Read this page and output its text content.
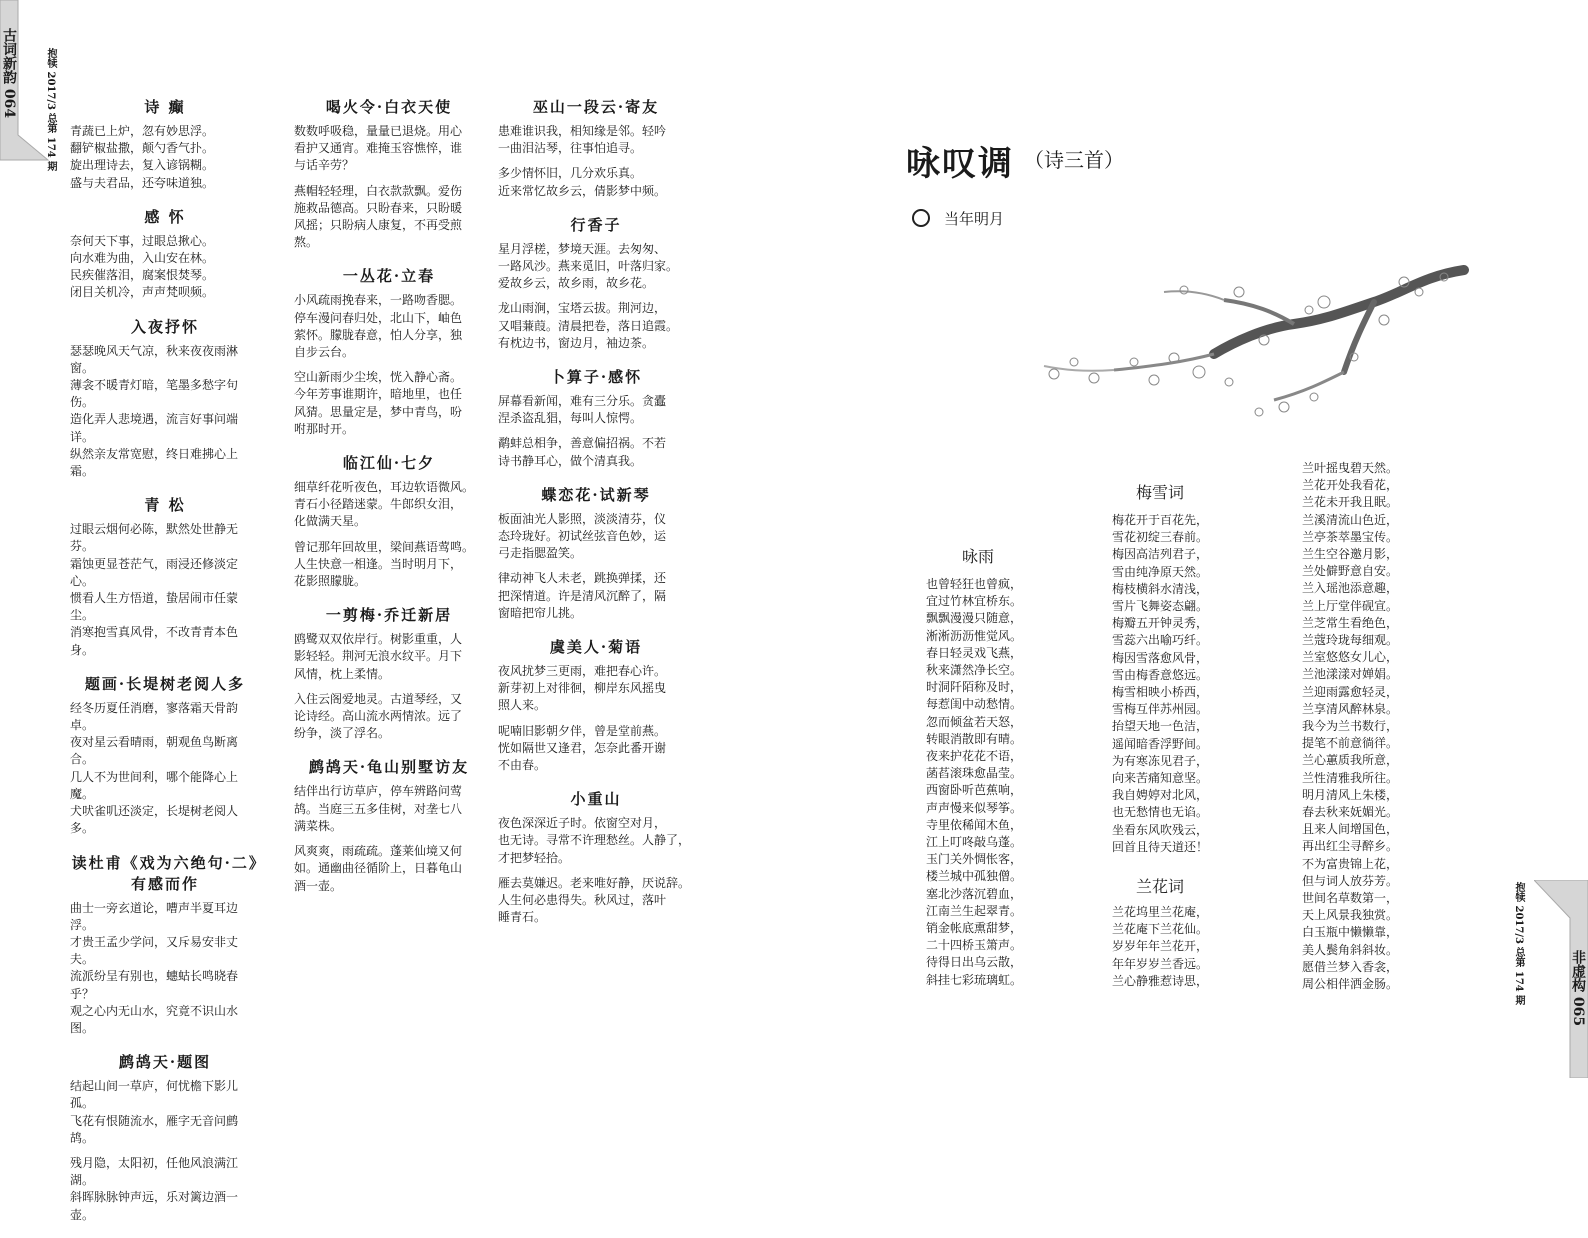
古词新韵 064	抱犊 2017/3 总第 174 期	诗 癫

青蔬已上炉，忽有妙思浮。

翻铲椒盐撒，颠勺香气扑。

旋出理诗去，复入谚锅糊。

盛与夫君品，还夸味道独。

感 怀

奈何天下事，过眼总揪心。

向水难为曲，入山安在林。

民疾催落泪，腐案恨焚琴。

闭目关机冷，声声梵呗频。

入夜抒怀

瑟瑟晚风天气凉，秋来夜夜雨淋窗。

薄衾不暖青灯暗，笔墨多愁字句伤。

造化弄人悲境遇，流言好事问端详。

纵然亲友常宽慰，终日难拂心上霜。

青 松

过眼云烟何必陈，默然处世静无芬。

霜蚀更显苍茫气，雨浸还修淡定心。

惯看人生方悟道，蛰居闹市任蒙尘。

消寒抱雪真风骨，不改青青本色身。

题画·长堤树老阅人多

经冬历夏任消磨，寥落霜天骨韵卓。

夜对星云看晴雨，朝观鱼鸟断离合。

几人不为世间利，哪个能降心上魔。

犬吠雀叽还淡定，长堤树老阅人多。

读杜甫《戏为六绝句·二》有感而作

曲士一旁玄道论，嘈声半夏耳边浮。

才贵王孟少学问，又斥易安非丈夫。

流派纷呈有别也，蟪蛄长鸣晓春乎？

观之心内无山水，究竟不识山水图。

鹧鸪天·题图

结起山间一草庐，何忧檐下影儿孤。

飞花有恨随流水，雁字无音问鹧鸪。

残月隐，太阳初，任他风浪满江湖。

斜晖脉脉钟声远，乐对篱边酒一壶。

喝火令·白衣天使

数数呼吸稳，量量已退烧。用心

看护又通宵。难掩玉容憔悴，谁

与话辛劳？

燕帽轻轻理，白衣款款飘。爱伤

施救品德高。只盼春来，只盼暖

风摇；只盼病人康复，不再受煎

熬。

一丛花·立春

小风疏雨挽春来，一路吻香腮。

停车漫问春归处，北山下，岫色

萦怀。朦胧春意，怕人分享，独

自步云台。

空山新雨少尘埃，恍入静心斋。

今年芳事谁期许，暗地里，也任

风猜。思量定是，梦中青鸟，吩

咐那时开。

临江仙·七夕

细草纤花听夜色，耳边软语微风。

青石小径踏迷蒙。牛郎织女泪，

化做满天星。

曾记那年回故里，梁间燕语莺鸣。

人生快意一相逢。当时明月下，

花影照朦胧。

一剪梅·乔迁新居

鸥鹭双双依岸行。树影重重，人

影轻轻。荆河无浪水纹平。月下

风情，枕上柔情。

入住云阁爱地灵。古道琴经，又

论诗经。高山流水两情浓。远了

纷争，淡了浮名。

鹧鸪天·龟山别墅访友

结伴出行访草庐，停车辨路问莺

鸪。当庭三五多佳树，对垄七八

满菜株。

风爽爽，雨疏疏。蓬莱仙境又何

如。通幽曲径循阶上，日暮龟山

酒一壶。

巫山一段云·寄友

患难谁识我，相知缘是邻。轻吟

一曲泪沾琴，往事怕追寻。

多少情怀旧，几分欢乐真。

近来常忆故乡云，倩影梦中频。

行香子

星月浮槎，梦境天涯。去匆匆、

一路风沙。燕来觅旧，叶落归家。

爱故乡云，故乡雨，故乡花。

龙山雨涧，宝塔云拔。荆河边，

又唱蒹葭。清晨把卷，落日追霞。

有枕边书，窗边月，袖边茶。

卜算子·感怀

屏幕看新闻，难有三分乐。贪蠹

涅杀盗乱猖，每叫人惊愕。

鹬蚌总相争，善意偏招祸。不若

诗书静耳心，做个清真我。

蝶恋花·试新琴

板面油光人影照，淡淡清芬，仪

态玲珑好。初试丝弦音色妙，运

弓走指腮盈笑。

律动神飞人未老，跳换弹揉，还

把深情道。许是清风沉醉了，隔

窗暗把帘儿挑。

虞美人·菊语

夜风扰梦三更雨，难把春心许。

新芽初上对徘徊，柳岸东风摇曳

照人来。

呢喃旧影朝夕伴，曾是堂前燕。

恍如隔世又逢君，怎奈此番开谢

不由春。

小重山

夜色深深近子时。依窗空对月，

也无诗。寻常不许理愁丝。人静了，

才把梦轻拾。

雁去莫嫌迟。老来唯好静，厌说辞。

人生何必患得失。秋风过，落叶

睡青石。

咏叹调 （诗三首）
当年明月
咏雨

也曾轻狂也曾疯，

宜过竹林宜桥东。

飘飘漫漫只随意，

淅淅沥沥惟觉风。

春日轻灵戏飞燕，

秋来潇然净长空。

时洞阡陌称及时，

每惹闺中动愁情。

忽而倾盆若天怒，

转眼消散即有晴。

夜来护花花不语，

菡萏滚珠愈晶莹。

西窗卧听芭蕉响，

声声慢来似琴筝。

寺里依稀闻木鱼，

江上叮咚敲乌蓬。

玉门关外惆怅客，

楼兰城中孤独僧。

塞北沙落沉碧血，

江南兰生起翠青。

销金帐底熏甜梦，

二十四桥玉箫声。

待得日出乌云散，

斜挂七彩琉璃虹。

梅雪词

梅花开于百花先，

雪花初绽三春前。

梅因高洁列君子，

雪由纯净原天然。

梅枝横斜水清浅，

雪片飞舞姿态翩。

梅瓣五开钟灵秀，

雪蕊六出喻巧纤。

梅因雪落愈风骨，

雪由梅香意悠远。

梅雪相映小桥西，

雪梅互伴苏州园。

抬望天地一色洁，

遥闻暗香浮野间。

为有寒冻见君子，

向来苦痛知意坚。

我自娉婷对北风，

也无愁情也无谄。

坐看东风吹残云，

回首且待天道还！

兰花词

兰花坞里兰花庵，

兰花庵下兰花仙。

岁岁年年兰花开，

年年岁岁兰香远。

兰心静雅惹诗思，

兰叶摇曳碧天然。

兰花开处我看花，

兰花未开我且眠。

兰溪清流山色近，

兰亭茶萃墨宝传。

兰生空谷邀月影，

兰处僻野意自安。

兰入瑶池添意趣，

兰上厅堂伴砚宣。

兰芝常生看绝色，

兰蔻玲珑每细观。

兰室悠悠女儿心，

兰池漾漾对婵娟。

兰迎雨露愈轻灵，

兰享清风醉林泉。

我今为兰书数行，

提笔不前意徜徉。

兰心蕙质我所意，

兰性清雅我所往。

明月清风上朱楼，

春去秋来妩媚光。

且来人间增国色，

再出红尘寻醉乡。

不为富贵锦上花，

但与词人放芬芳。

世间名草数第一，

天上风景我独赏。

白玉瓶中懒懒靠，

美人鬓角斜斜妆。

愿借兰梦入香衾，

周公相伴洒金肠。	抱犊 2017/3 总第 174 期	非虚构 065
